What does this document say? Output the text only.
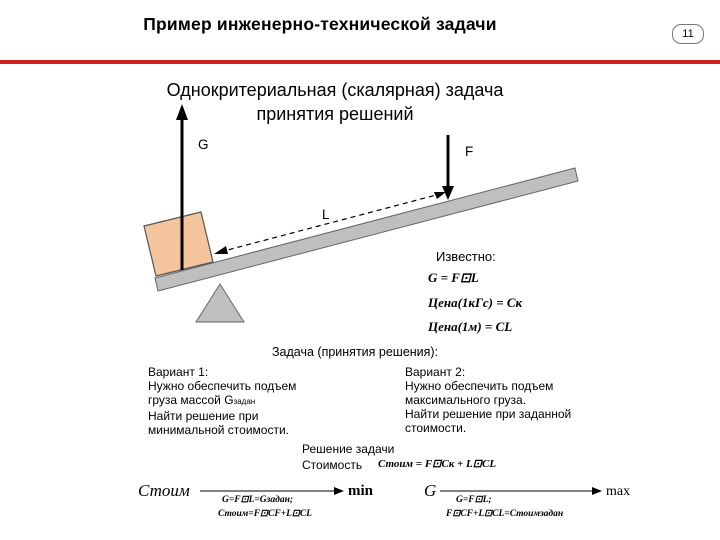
Пример инженерно-технической задачи	11
Однокритериальная (скалярная) задача
принятия решений
G	F
L
Известно:
G = F⊡L
Цена(1кГс) = Cк
Цена(1м) = CL
Задача (принятия решения):
Вариант 1:
Нужно обеспечить подъем
груза массой Gзадан
Найти решение при
минимальной стоимости.
Вариант 2:
Нужно обеспечить подъем
максимального груза.
Найти решение при заданной
стоимости.
Решение задачи
Стоимость Стоим = F⊡Cк + L⊡CL
Стоим	min
G=F⊡L=Gзадан;
Стоим=F⊡CF+L⊡CL
G	max
G=F⊡L;
F⊡CF+L⊡CL=Стоимзадан
